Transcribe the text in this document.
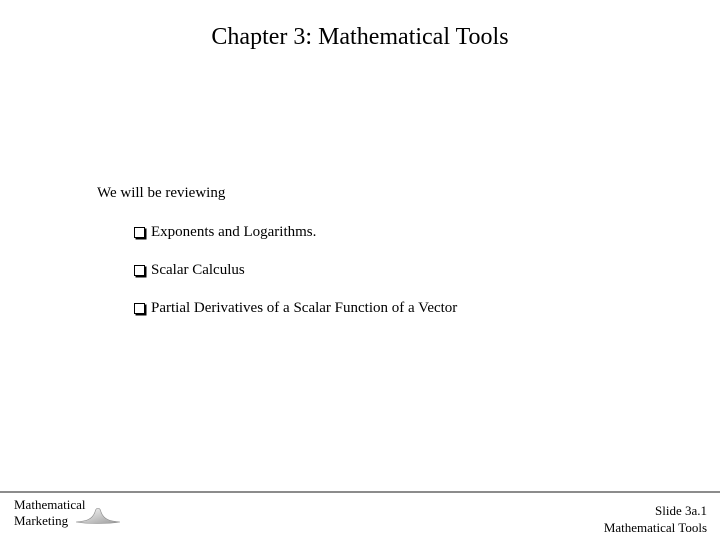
Chapter 3: Mathematical Tools
We will be reviewing
Exponents and Logarithms.
Scalar Calculus
Partial Derivatives of a Scalar Function of a Vector
Mathematical
Marketing
Slide 3a.1
Mathematical Tools
